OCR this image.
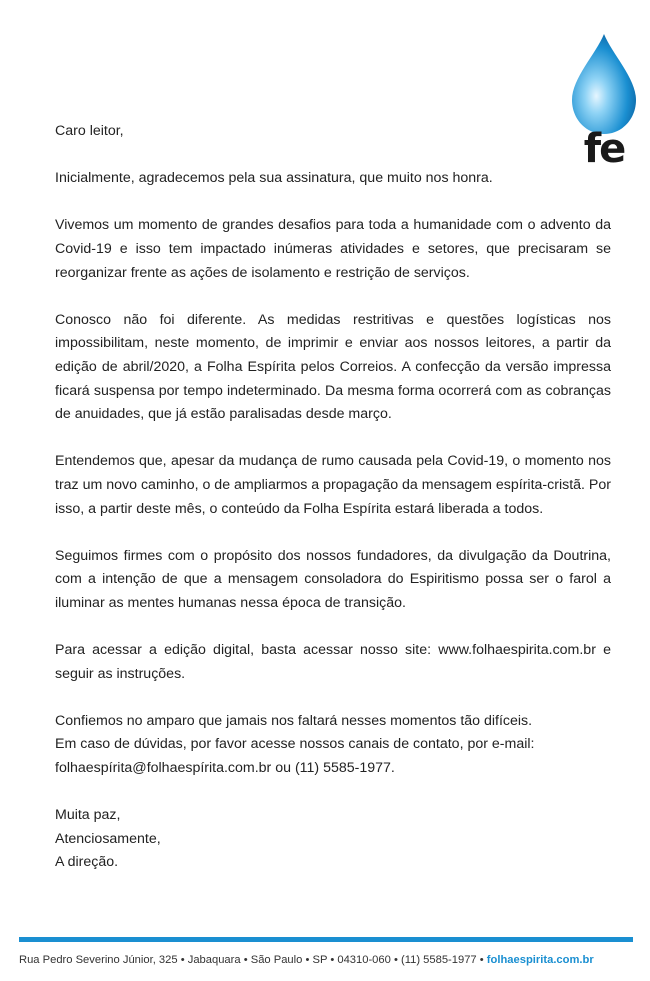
fe

Caro leitor,

Inicialmente, agradecemos pela sua assinatura, que muito nos honra.

Vivemos um momento de grandes desafios para toda a humanidade com o advento da Covid-19 e isso tem impactado inúmeras atividades e setores, que precisaram se reorganizar frente as ações de isolamento e restrição de serviços.

Conosco não foi diferente. As medidas restritivas e questões logísticas nos impossibilitam, neste momento, de imprimir e enviar aos nossos leitores, a partir da edição de abril/2020, a Folha Espírita pelos Correios. A confecção da versão impressa ficará suspensa por tempo indeterminado. Da mesma forma ocorrerá com as cobranças de anuidades, que já estão paralisadas desde março.

Entendemos que, apesar da mudança de rumo causada pela Covid-19, o momento nos traz um novo caminho, o de ampliarmos a propagação da mensagem espírita-cristã. Por isso, a partir deste mês, o conteúdo da Folha Espírita estará liberada a todos.

Seguimos firmes com o propósito dos nossos fundadores, da divulgação da Doutrina, com a intenção de que a mensagem consoladora do Espiritismo possa ser o farol a iluminar as mentes humanas nessa época de transição.

Para acessar a edição digital, basta acessar nosso site: www.folhaespirita.com.br e seguir as instruções.

Confiemos no amparo que jamais nos faltará nesses momentos tão difíceis.
Em caso de dúvidas, por favor acesse nossos canais de contato, por e-mail:
folhaespírita@folhaespírita.com.br ou (11) 5585-1977.

Muita paz,
Atenciosamente,
A direção.

Rua Pedro Severino Júnior, 325 • Jabaquara • São Paulo • SP • 04310-060 • (11) 5585-1977 • folhaespirita.com.br
